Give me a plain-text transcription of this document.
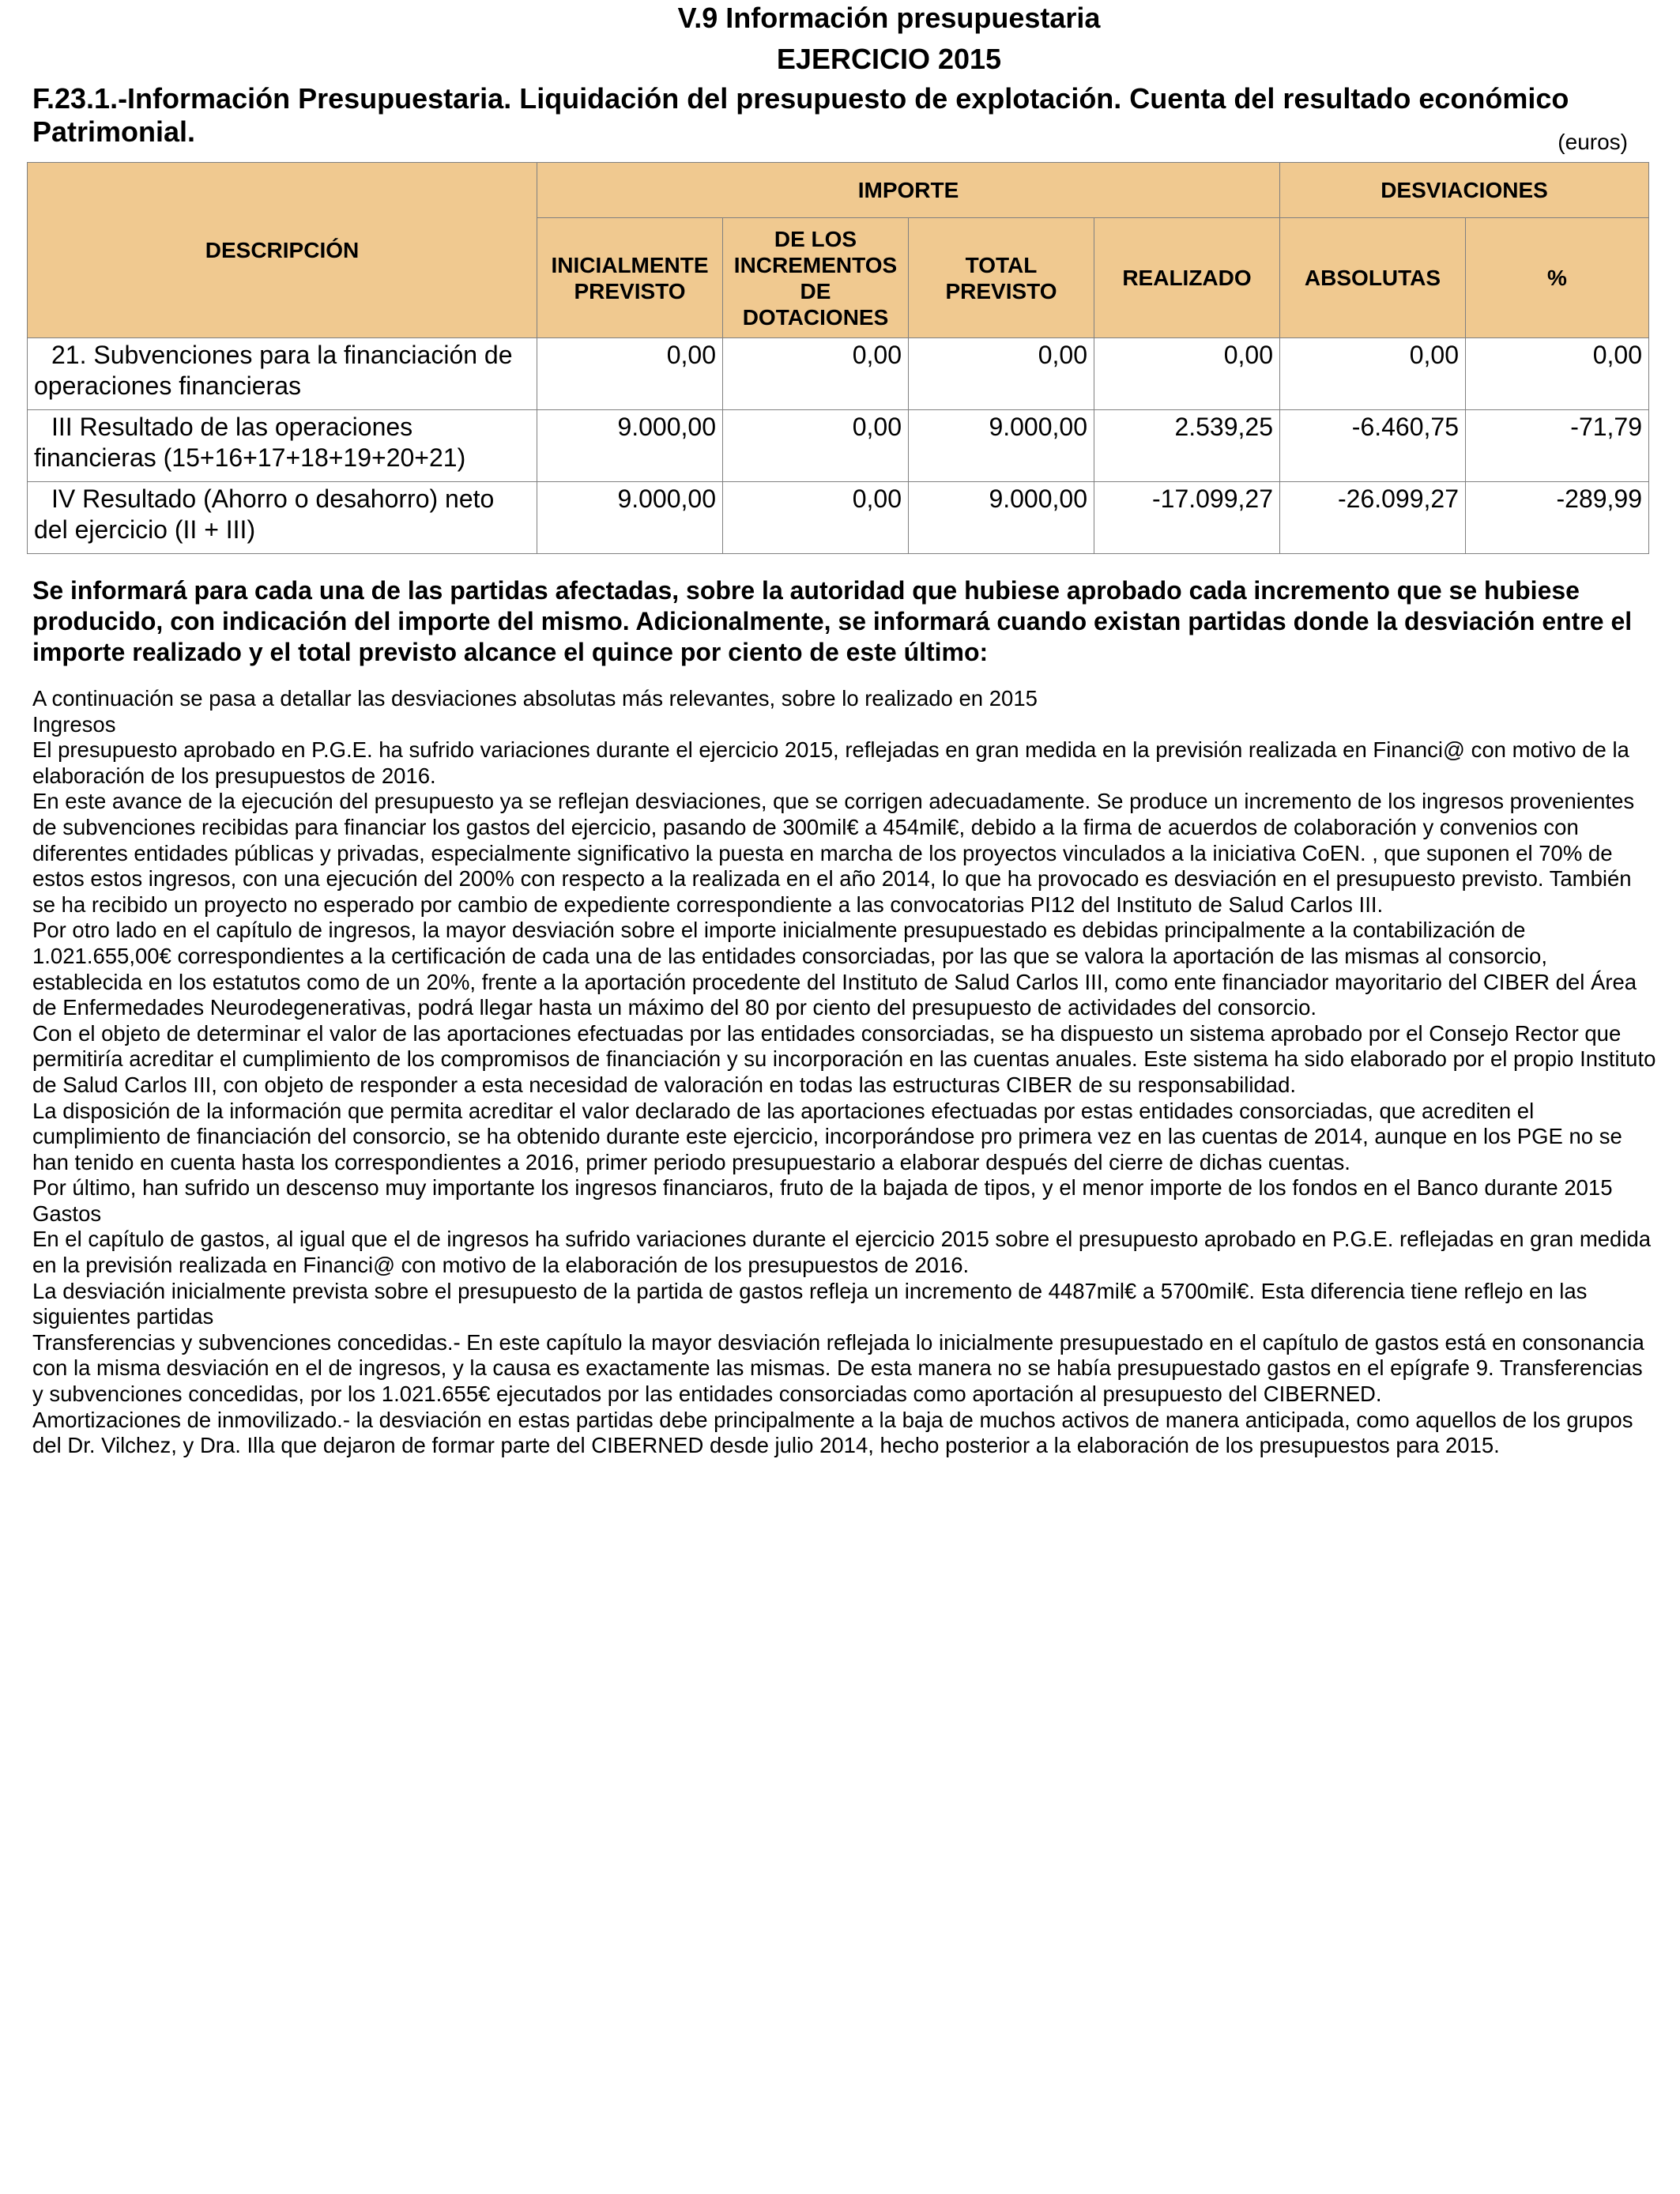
V.9 Información presupuestaria
EJERCICIO 2015
F.23.1.-Información Presupuestaria. Liquidación del presupuesto de explotación. Cuenta del resultado económico Patrimonial.	(euros)
DESCRIPCIÓN	IMPORTE				DESVIACIONES	
	INICIALMENTE PREVISTO	DE LOS INCREMENTOS DE DOTACIONES	TOTAL PREVISTO	REALIZADO	ABSOLUTAS	%
21. Subvenciones para la financiación de operaciones financieras	0,00	0,00	0,00	0,00	0,00	0,00
III Resultado de las operaciones financieras (15+16+17+18+19+20+21)	9.000,00	0,00	9.000,00	2.539,25	-6.460,75	-71,79
IV Resultado (Ahorro o desahorro) neto del ejercicio (II + III)	9.000,00	0,00	9.000,00	-17.099,27	-26.099,27	-289,99
Se informará para cada una de las partidas afectadas, sobre la autoridad que hubiese aprobado cada incremento que se hubiese producido, con indicación del importe del mismo. Adicionalmente, se informará cuando existan partidas donde la desviación entre el importe realizado y el total previsto alcance el quince por ciento de este último:

A continuación se pasa a detallar las desviaciones absolutas más relevantes, sobre lo realizado en 2015

Ingresos

El presupuesto aprobado en P.G.E. ha sufrido variaciones durante el ejercicio 2015, reflejadas en gran medida en la previsión realizada en Financi@ con motivo de la elaboración de los presupuestos de 2016.

En este avance de la ejecución del presupuesto ya se reflejan desviaciones, que se corrigen adecuadamente. Se produce un incremento de los ingresos provenientes de subvenciones recibidas para financiar los gastos del ejercicio, pasando de 300mil€ a 454mil€, debido a la firma de acuerdos de colaboración y convenios con diferentes entidades públicas y privadas, especialmente significativo la puesta en marcha de los proyectos vinculados a la iniciativa CoEN. , que suponen el 70% de estos estos ingresos, con una ejecución del 200% con respecto a la realizada en el año 2014, lo que ha provocado es desviación en el presupuesto previsto. También se ha recibido un proyecto no esperado por cambio de expediente correspondiente a las convocatorias PI12 del Instituto de Salud Carlos III.

Por otro lado en el capítulo de ingresos, la mayor desviación sobre el importe inicialmente presupuestado es debidas principalmente a la contabilización de 1.021.655,00€ correspondientes a la certificación de cada una de las entidades consorciadas, por las que se valora la aportación de las mismas al consorcio, establecida en los estatutos como de un 20%, frente a la aportación procedente del Instituto de Salud Carlos III, como ente financiador mayoritario del CIBER del Área de Enfermedades Neurodegenerativas, podrá llegar hasta un máximo del 80 por ciento del presupuesto de actividades del consorcio.

Con el objeto de determinar el valor de las aportaciones efectuadas por las entidades consorciadas, se ha dispuesto un sistema aprobado por el Consejo Rector que permitiría acreditar el cumplimiento de los compromisos de financiación y su incorporación en las cuentas anuales. Este sistema ha sido elaborado por el propio Instituto de Salud Carlos III, con objeto de responder a esta necesidad de valoración en todas las estructuras CIBER de su responsabilidad.

La disposición de la información que permita acreditar el valor declarado de las aportaciones efectuadas por estas entidades consorciadas, que acrediten el cumplimiento de financiación del consorcio, se ha obtenido durante este ejercicio, incorporándose pro primera vez en las cuentas de 2014, aunque en los PGE no se han tenido en cuenta hasta los correspondientes a 2016, primer periodo presupuestario a elaborar después del cierre de dichas cuentas.

Por último, han sufrido un descenso muy importante los ingresos financiaros, fruto de la bajada de tipos, y el menor importe de los fondos en el Banco durante 2015

Gastos

En el capítulo de gastos, al igual que el de ingresos ha sufrido variaciones durante el ejercicio 2015 sobre el presupuesto aprobado en P.G.E. reflejadas en gran medida en la previsión realizada en Financi@ con motivo de la elaboración de los presupuestos de 2016.

La desviación inicialmente prevista sobre el presupuesto de la partida de gastos refleja un incremento de 4487mil€ a 5700mil€. Esta diferencia tiene reflejo en las siguientes partidas

Transferencias y subvenciones concedidas.- En este capítulo la mayor desviación reflejada lo inicialmente presupuestado en el capítulo de gastos está en consonancia con la misma desviación en el de ingresos, y la causa es exactamente las mismas. De esta manera no se había presupuestado gastos en el epígrafe 9. Transferencias y subvenciones concedidas, por los 1.021.655€ ejecutados por las entidades consorciadas como aportación al presupuesto del CIBERNED.

Amortizaciones de inmovilizado.- la desviación en estas partidas debe principalmente a la baja de muchos activos de manera anticipada, como aquellos de los grupos del Dr. Vilchez, y Dra. Illa que dejaron de formar parte del CIBERNED desde julio 2014, hecho posterior a la elaboración de los presupuestos para 2015.
